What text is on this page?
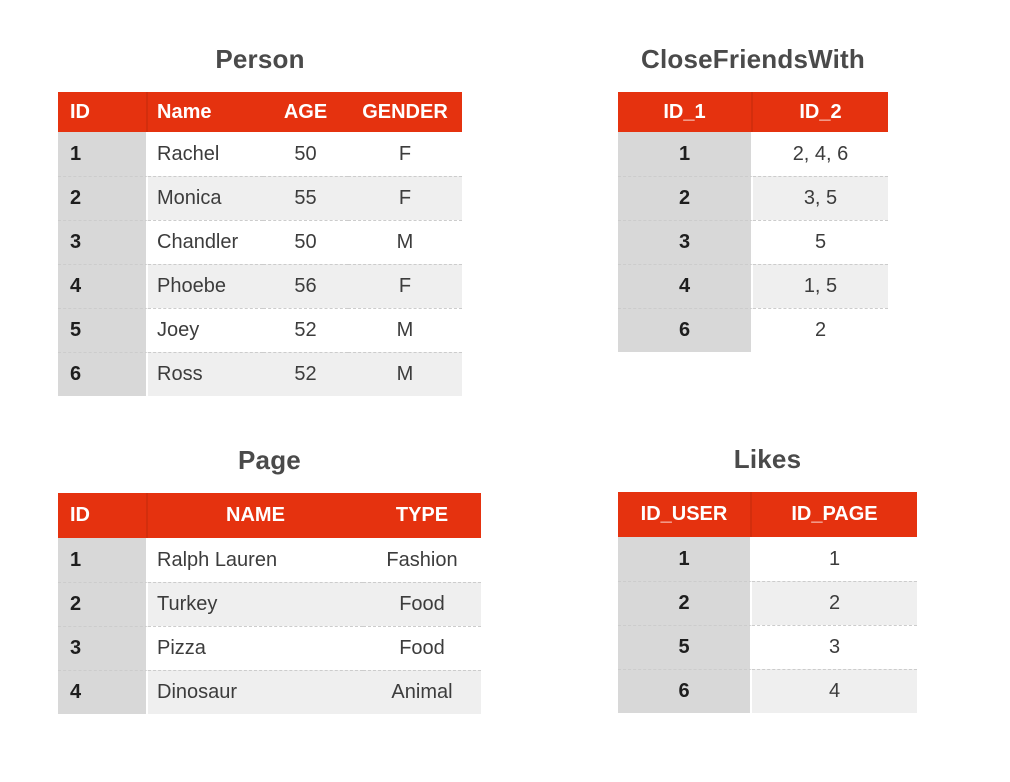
Person
ID	Name	AGE	GENDER
1	Rachel	50	F
2	Monica	55	F
3	Chandler	50	M
4	Phoebe	56	F
5	Joey	52	M
6	Ross	52	M
CloseFriendsWith
ID_1	ID_2
1	2, 4, 6
2	3, 5
3	5
4	1, 5
6	2
Page
ID	NAME	TYPE
1	Ralph Lauren	Fashion
2	Turkey	Food
3	Pizza	Food
4	Dinosaur	Animal
Likes
ID_USER	ID_PAGE
1	1
2	2
5	3
6	4
